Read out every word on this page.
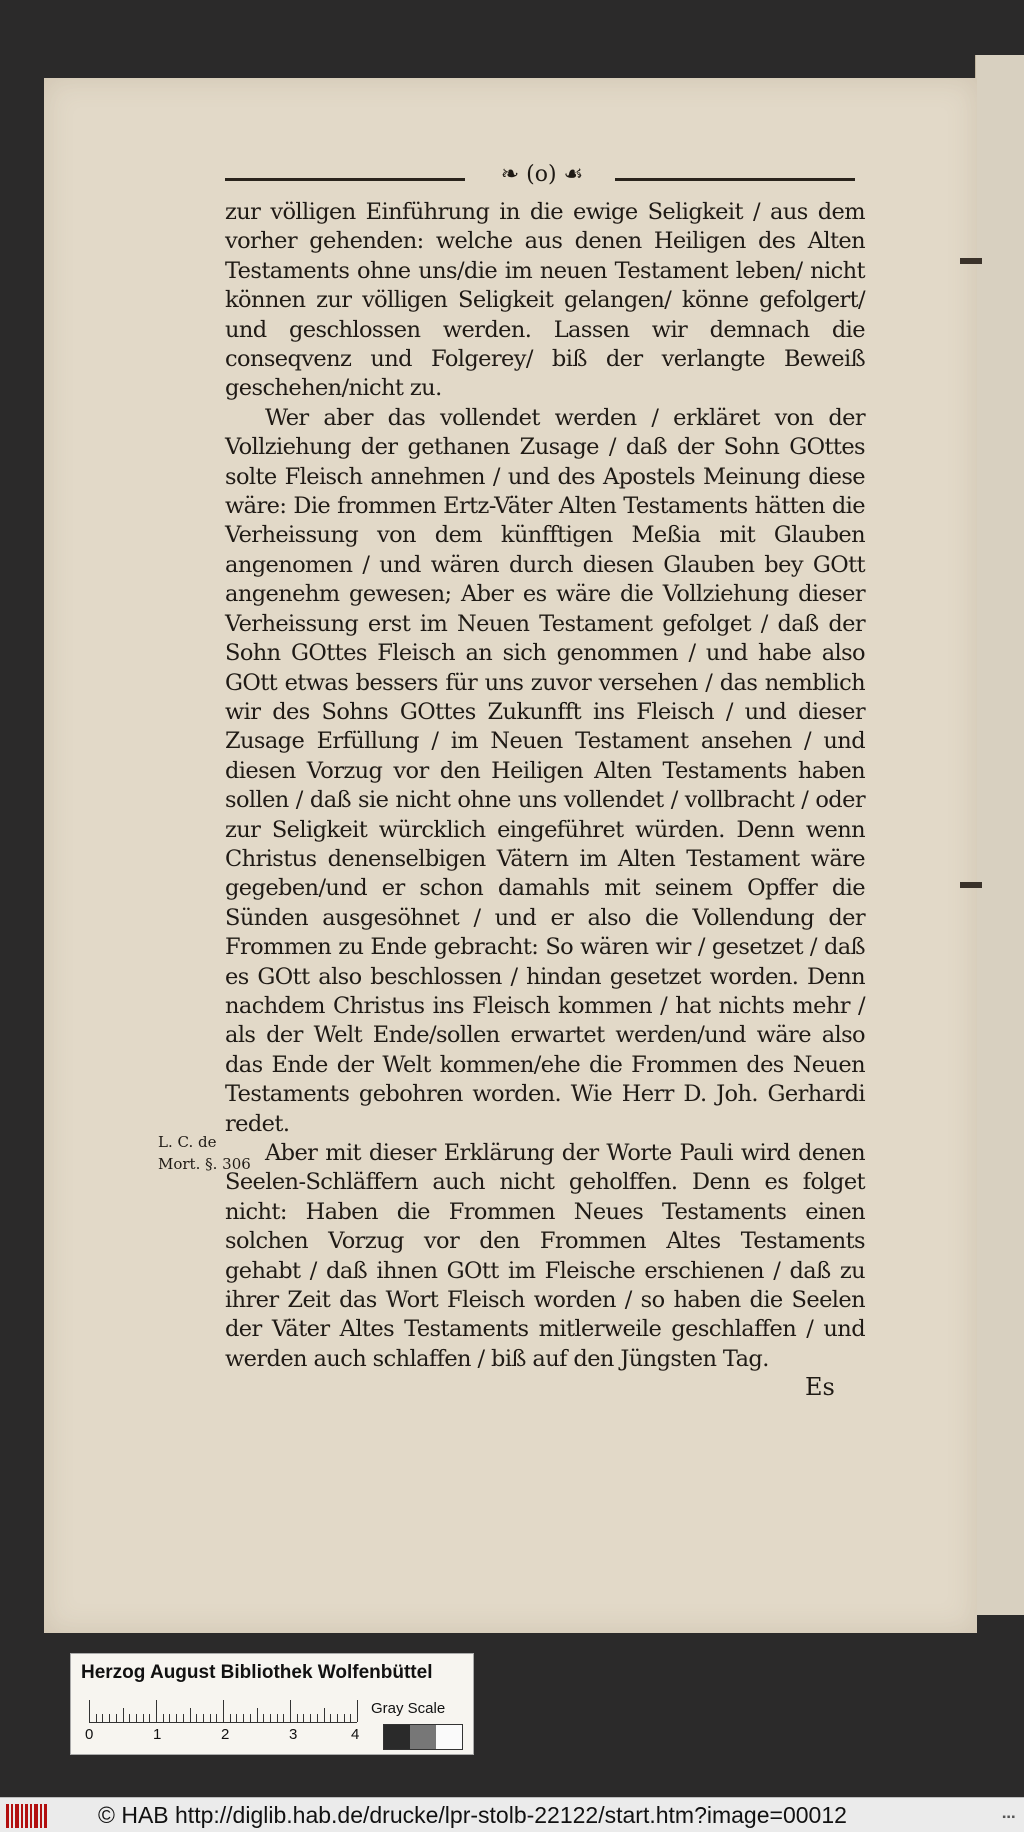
❧ (o) ☙

zur völligen Einführung in die ewige Seligkeit / aus dem vorher gehenden: welche aus denen Heiligen des Alten Testaments ohne uns/die im neuen Testament leben/ nicht können zur völligen Seligkeit gelangen/ könne gefolgert/ und geschlossen werden. Lassen wir demnach die conseqvenz und Folgerey/ biß der verlangte Beweiß geschehen/nicht zu.

Wer aber das vollendet werden / erkläret von der Vollziehung der gethanen Zusage / daß der Sohn GOttes solte Fleisch annehmen / und des Apostels Meinung diese wäre: Die frommen Ertz-Väter Alten Testaments hätten die Verheissung von dem künfftigen Meßia mit Glauben angenomen / und wären durch diesen Glauben bey GOtt angenehm gewesen; Aber es wäre die Vollziehung dieser Verheissung erst im Neuen Testament gefolget / daß der Sohn GOttes Fleisch an sich genommen / und habe also GOtt etwas bessers für uns zuvor versehen / das nemblich wir des Sohns GOttes Zukunfft ins Fleisch / und dieser Zusage Erfüllung / im Neuen Testament ansehen / und diesen Vorzug vor den Heiligen Alten Testaments haben sollen / daß sie nicht ohne uns vollendet / vollbracht / oder zur Seligkeit würcklich eingeführet würden. Denn wenn Christus denenselbigen Vätern im Alten Testament wäre gegeben/und er schon damahls mit seinem Opffer die Sünden ausgesöhnet / und er also die Vollendung der Frommen zu Ende gebracht: So wären wir / gesetzet / daß es GOtt also beschlossen / hindan gesetzet worden. Denn nachdem Christus ins Fleisch kommen / hat nichts mehr / als der Welt Ende/sollen erwartet werden/und wäre also das Ende der Welt kommen/ehe die Frommen des Neuen Testaments gebohren worden. Wie Herr D. Joh. Gerhardi redet.

Aber mit dieser Erklärung der Worte Pauli wird denen Seelen-Schläffern auch nicht geholffen. Denn es folget nicht: Haben die Frommen Neues Testaments einen solchen Vorzug vor den Frommen Altes Testaments gehabt / daß ihnen GOtt im Fleische erschienen / daß zu ihrer Zeit das Wort Fleisch worden / so haben die Seelen der Väter Altes Testaments mitlerweile geschlaffen / und werden auch schlaffen / biß auf den Jüngsten Tag.

L. C. de
Mort. §. 306
Es
Herzog August Bibliothek Wolfenbüttel
0	1	2	3	4
Gray Scale
© HAB http://diglib.hab.de/drucke/lpr-stolb-22122/start.htm?image=00012	▪▪▪
